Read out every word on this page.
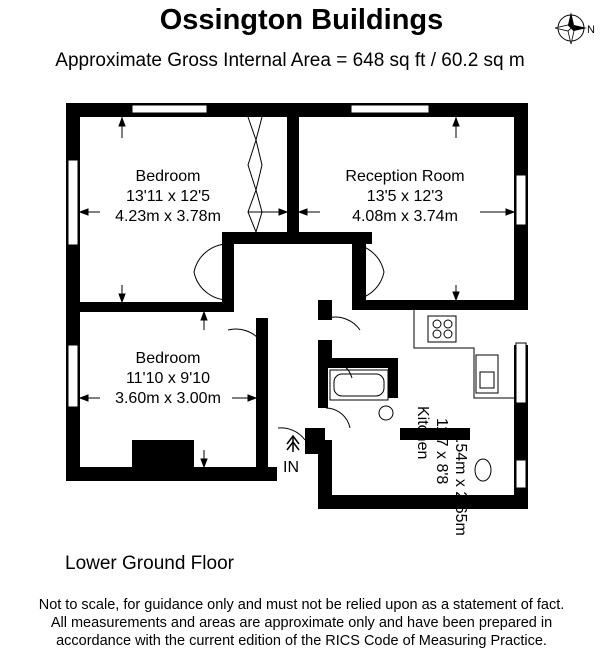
Ossington Buildings
Approximate Gross Internal Area = 648 sq ft / 60.2 sq m
N
Bedroom
13'11 x 12'5
4.23m x 3.78m
Reception Room
13'5 x 12'3
4.08m x 3.74m
Bedroom
11'10 x 9'10
3.60m x 3.00m
Kitchen 11'7 x 8'8 3.54m x 2.65m
IN
Lower Ground Floor
Not to scale, for guidance only and must not be relied upon as a statement of fact.
All measurements and areas are approximate only and have been prepared in
accordance with the current edition of the RICS Code of Measuring Practice.
